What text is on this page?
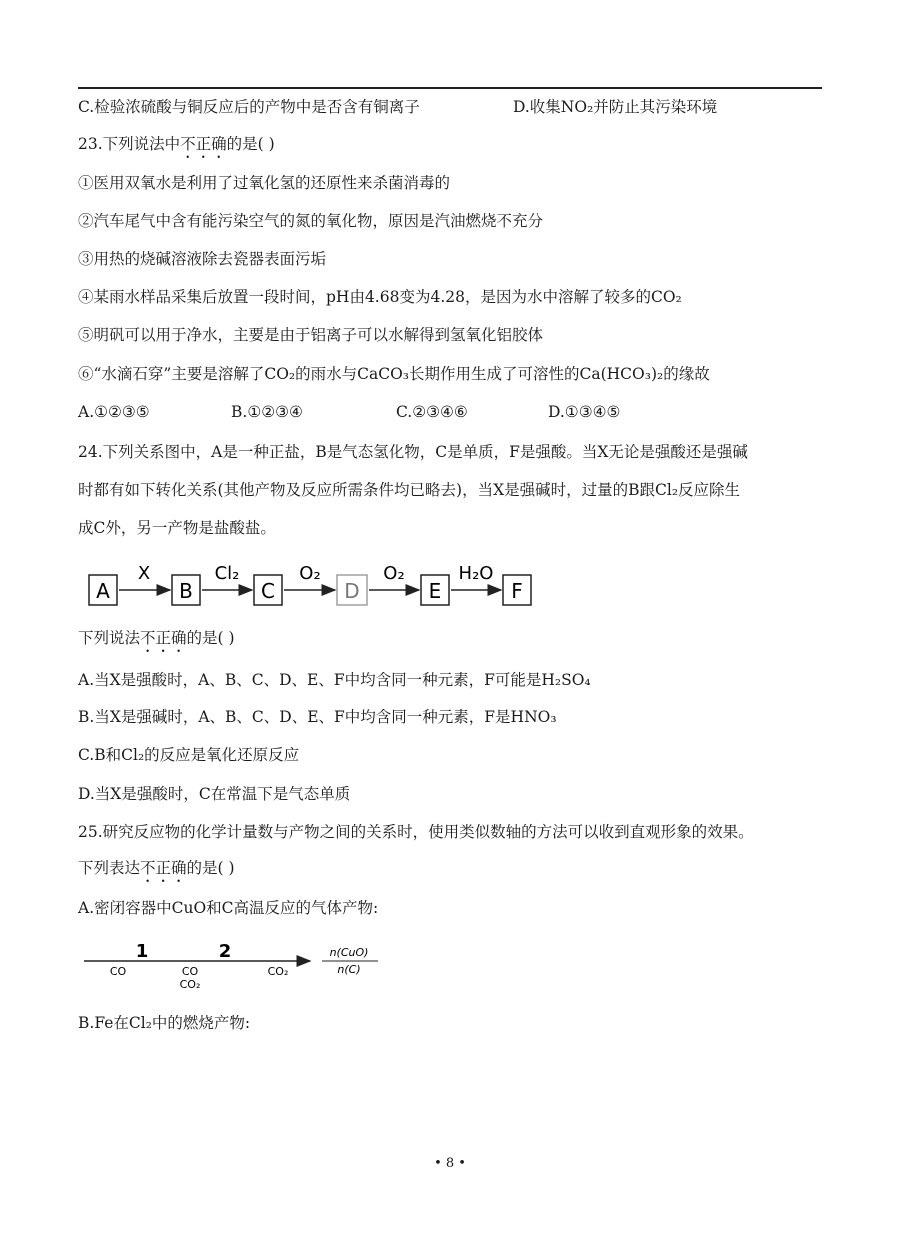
C.检验浓硫酸与铜反应后的产物中是否含有铜离子	D.收集NO₂并防止其污染环境
23.下列说法中不正确的是( )
①医用双氧水是利用了过氧化氢的还原性来杀菌消毒的
②汽车尾气中含有能污染空气的氮的氧化物，原因是汽油燃烧不充分
③用热的烧碱溶液除去瓷器表面污垢
④某雨水样品采集后放置一段时间，pH由4.68变为4.28，是因为水中溶解了较多的CO₂
⑤明矾可以用于净水，主要是由于铝离子可以水解得到氢氧化铝胶体
⑥“水滴石穿”主要是溶解了CO₂的雨水与CaCO₃长期作用生成了可溶性的Ca(HCO₃)₂的缘故
A.①②③⑤	B.①②③④	C.②③④⑥	D.①③④⑤
24.下列关系图中，A是一种正盐，B是气态氢化物，C是单质，F是强酸。当X无论是强酸还是强碱
时都有如下转化关系(其他产物及反应所需条件均已略去)，当X是强碱时，过量的B跟Cl₂反应除生
成C外，另一产物是盐酸盐。
A
X
B
Cl₂
C
O₂
D
O₂
E
H₂O
F
下列说法不正确的是( )
A.当X是强酸时，A、B、C、D、E、F中均含同一种元素，F可能是H₂SO₄
B.当X是强碱时，A、B、C、D、E、F中均含同一种元素，F是HNO₃
C.B和Cl₂的反应是氧化还原反应
D.当X是强酸时，C在常温下是气态单质
25.研究反应物的化学计量数与产物之间的关系时，使用类似数轴的方法可以收到直观形象的效果。
下列表达不正确的是( )
A.密闭容器中CuO和C高温反应的气体产物:
1	2
CO	CO
CO₂
CO₂
n(CuO)
n(C)
B.Fe在Cl₂中的燃烧产物:
• 8 •
